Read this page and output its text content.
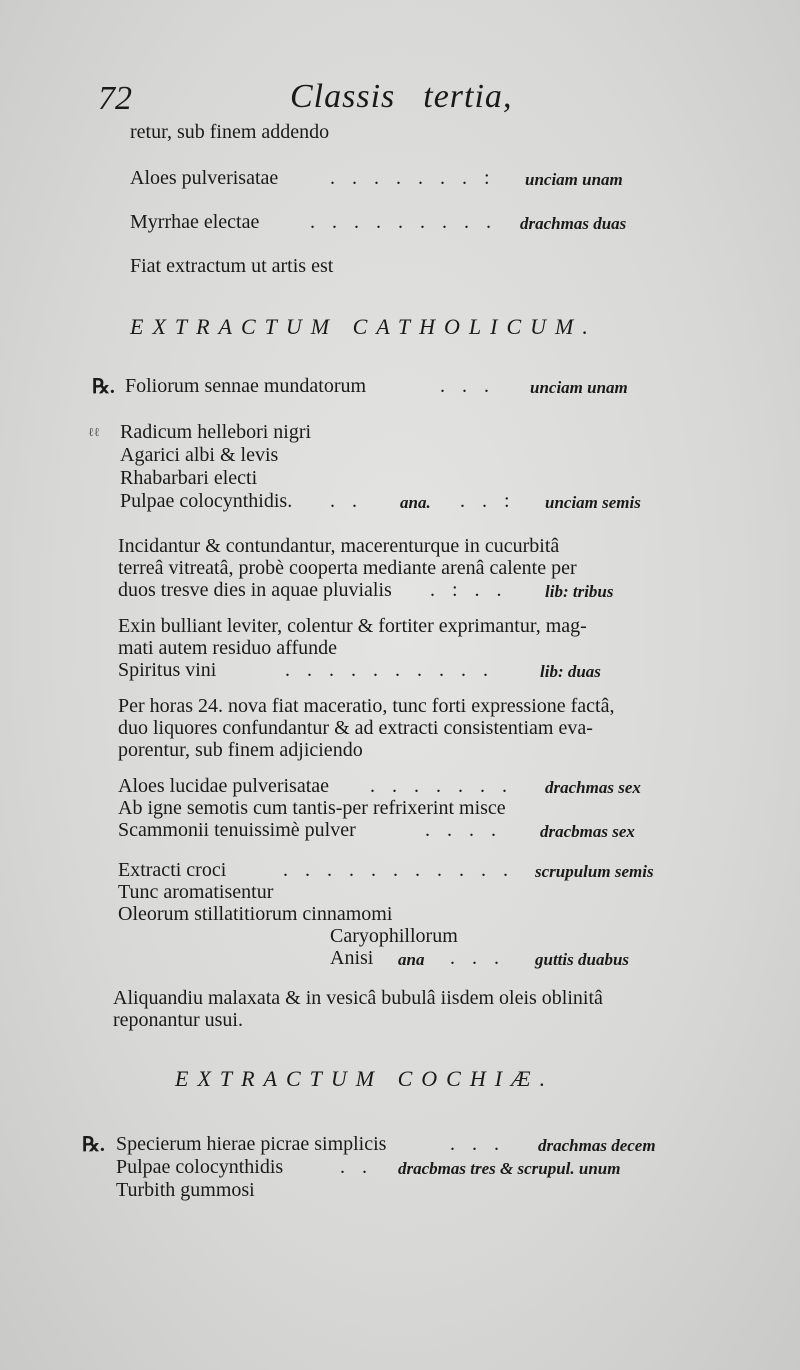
72	Classis tertia,
retur, sub finem addendo
Aloes pulverisatae	. . . . . . . : unciam unam
Myrrhae electae	. . . . . . . . . drachmas duas
Fiat extractum ut artis est
EXTRACTUM CATHOLICUM.
℞. Foliorum sennae mundatorum	. . . unciam unam
ℓℓ Radicum hellebori nigri
Agarici albi & levis
Rhabarbari electi
Pulpae colocynthidis. . . ana. . . : unciam semis
Incidantur & contundantur, macerenturque in cucurbitâ
terreâ vitreatâ, probè cooperta mediante arenâ calente per
duos tresve dies in aquae pluvialis . : . . lib: tribus
Exin bulliant leviter, colentur & fortiter exprimantur, mag-
mati autem residuo affunde
Spiritus vini	. . . . . . . . . .	lib: duas
Per horas 24. nova fiat maceratio, tunc forti expressione factâ,
duo liquores confundantur & ad extracti consistentiam eva-
porentur, sub finem adjiciendo
Aloes lucidae pulverisatae . . . . . . . drachmas sex
Ab igne semotis cum tantis-per refrixerint misce
Scammonii tenuissimè pulver	. . . . dracbmas sex
Extracti croci	. . . . . . . . . . . scrupulum semis
Tunc aromatisentur
Oleorum stillatitiorum cinnamomi
Caryophillorum
Anisi ana . . . guttis duabus
Aliquandiu malaxata & in vesicâ bubulâ iisdem oleis oblinitâ
reponantur usui.
EXTRACTUM COCHIÆ.
℞. Specierum hierae picrae simplicis	. . . drachmas decem
Pulpae colocynthidis	. . dracbmas tres & scrupul. unum
Turbith gummosi
